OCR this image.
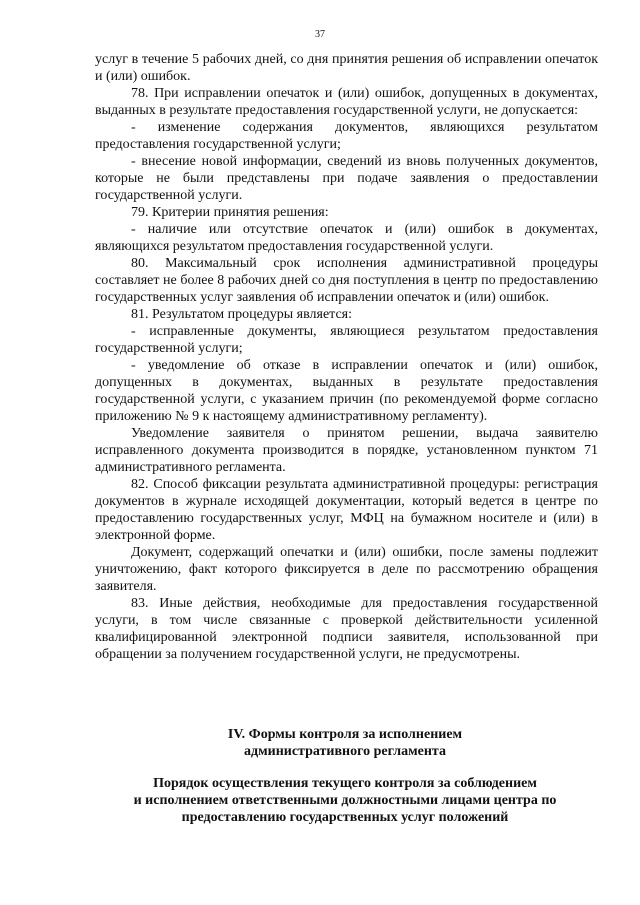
37

услуг в течение 5 рабочих дней, со дня принятия решения об исправлении опечаток и (или) ошибок.

78. При исправлении опечаток и (или) ошибок, допущенных в документах, выданных в результате предоставления государственной услуги, не допускается:

- изменение содержания документов, являющихся результатом предоставления государственной услуги;

- внесение новой информации, сведений из вновь полученных документов, которые не были представлены при подаче заявления о предоставлении государственной услуги.

79. Критерии принятия решения:

- наличие или отсутствие опечаток и (или) ошибок в документах, являющихся результатом предоставления государственной услуги.

80. Максимальный срок исполнения административной процедуры составляет не более 8 рабочих дней со дня поступления в центр по предоставлению государственных услуг заявления об исправлении опечаток и (или) ошибок.

81. Результатом процедуры является:

- исправленные документы, являющиеся результатом предоставления государственной услуги;

- уведомление об отказе в исправлении опечаток и (или) ошибок, допущенных в документах, выданных в результате предоставления государственной услуги, с указанием причин (по рекомендуемой форме согласно приложению № 9 к настоящему административному регламенту).

Уведомление заявителя о принятом решении, выдача заявителю исправленного документа производится в порядке, установленном пунктом 71 административного регламента.

82. Способ фиксации результата административной процедуры: регистрация документов в журнале исходящей документации, который ведется в центре по предоставлению государственных услуг, МФЦ на бумажном носителе и (или) в электронной форме.

Документ, содержащий опечатки и (или) ошибки, после замены подлежит уничтожению, факт которого фиксируется в деле по рассмотрению обращения заявителя.

83. Иные действия, необходимые для предоставления государственной услуги, в том числе связанные с проверкой действительности усиленной квалифицированной электронной подписи заявителя, использованной при обращении за получением государственной услуги, не предусмотрены.

IV. Формы контроля за исполнением

административного регламента

Порядок осуществления текущего контроля за соблюдением

и исполнением ответственными должностными лицами центра по

предоставлению государственных услуг положений
